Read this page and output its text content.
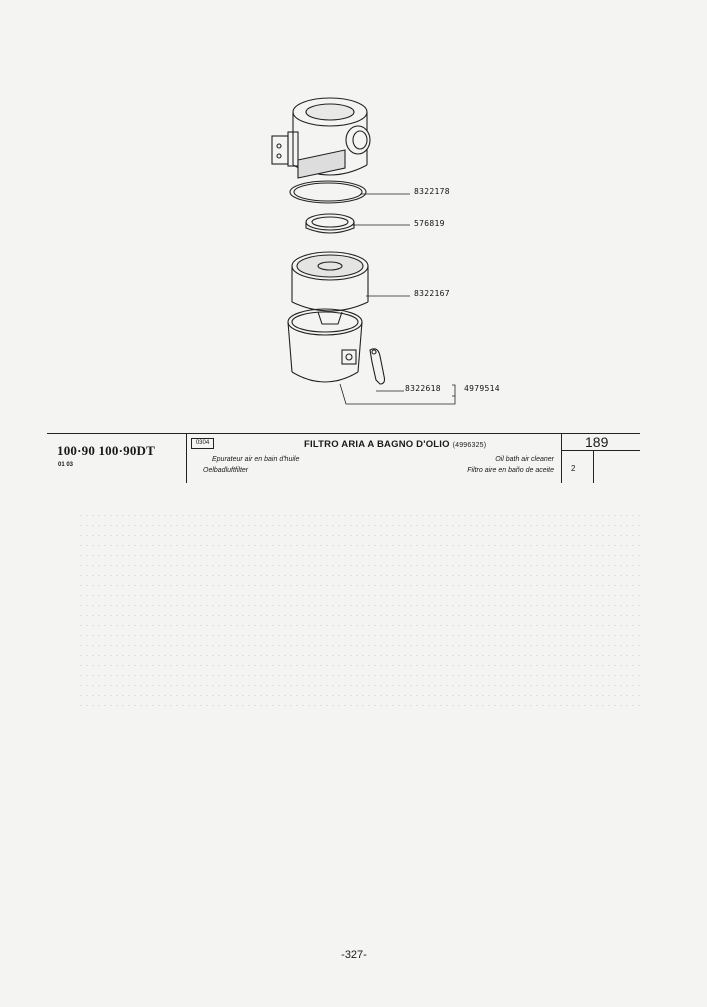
8322178
576819
8322167
8322618	4979514
100·90 100·90DT
01 03
0304	FILTRO ARIA A BAGNO D'OLIO (4996325)
Epurateur air en bain d'huile
Oelbadluftfilter
Oil bath air cleaner
Filtro aire en baño de aceite
189
2
-327-
